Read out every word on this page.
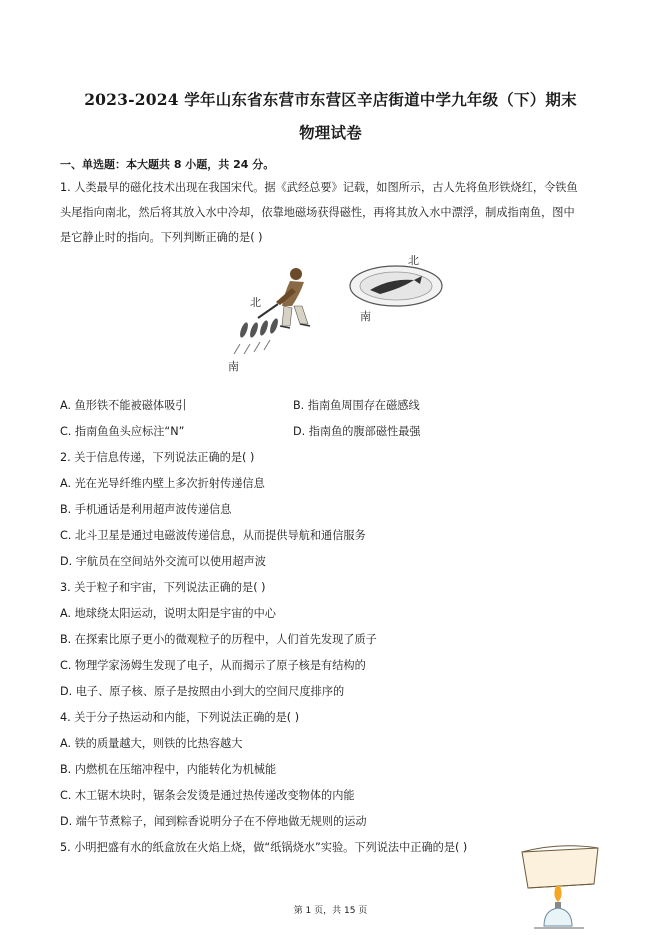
2023-2024 学年山东省东营市东营区辛店街道中学九年级（下）期末
物理试卷
一、单选题：本大题共 8 小题，共 24 分。
1. 人类最早的磁化技术出现在我国宋代。据《武经总要》记载，如图所示，古人先将鱼形铁烧红，令铁鱼
头尾指向南北，然后将其放入水中冷却，依靠地磁场获得磁性，再将其放入水中漂浮，制成指南鱼，图中
是它静止时的指向。下列判断正确的是( )
北
南
北
南
A. 鱼形铁不能被磁体吸引	B. 指南鱼周围存在磁感线
C. 指南鱼鱼头应标注“N”	D. 指南鱼的腹部磁性最强
2. 关于信息传递，下列说法正确的是( )
A. 光在光导纤维内壁上多次折射传递信息
B. 手机通话是利用超声波传递信息
C. 北斗卫星是通过电磁波传递信息，从而提供导航和通信服务
D. 宇航员在空间站外交流可以使用超声波
3. 关于粒子和宇宙，下列说法正确的是( )
A. 地球绕太阳运动，说明太阳是宇宙的中心
B. 在探索比原子更小的微观粒子的历程中，人们首先发现了质子
C. 物理学家汤姆生发现了电子，从而揭示了原子核是有结构的
D. 电子、原子核、原子是按照由小到大的空间尺度排序的
4. 关于分子热运动和内能，下列说法正确的是( )
A. 铁的质量越大，则铁的比热容越大
B. 内燃机在压缩冲程中，内能转化为机械能
C. 木工锯木块时，锯条会发烫是通过热传递改变物体的内能
D. 端午节煮粽子，闻到粽香说明分子在不停地做无规则的运动
5. 小明把盛有水的纸盒放在火焰上烧，做“纸锅烧水”实验。下列说法中正确的是( )
第 1 页，共 15 页
